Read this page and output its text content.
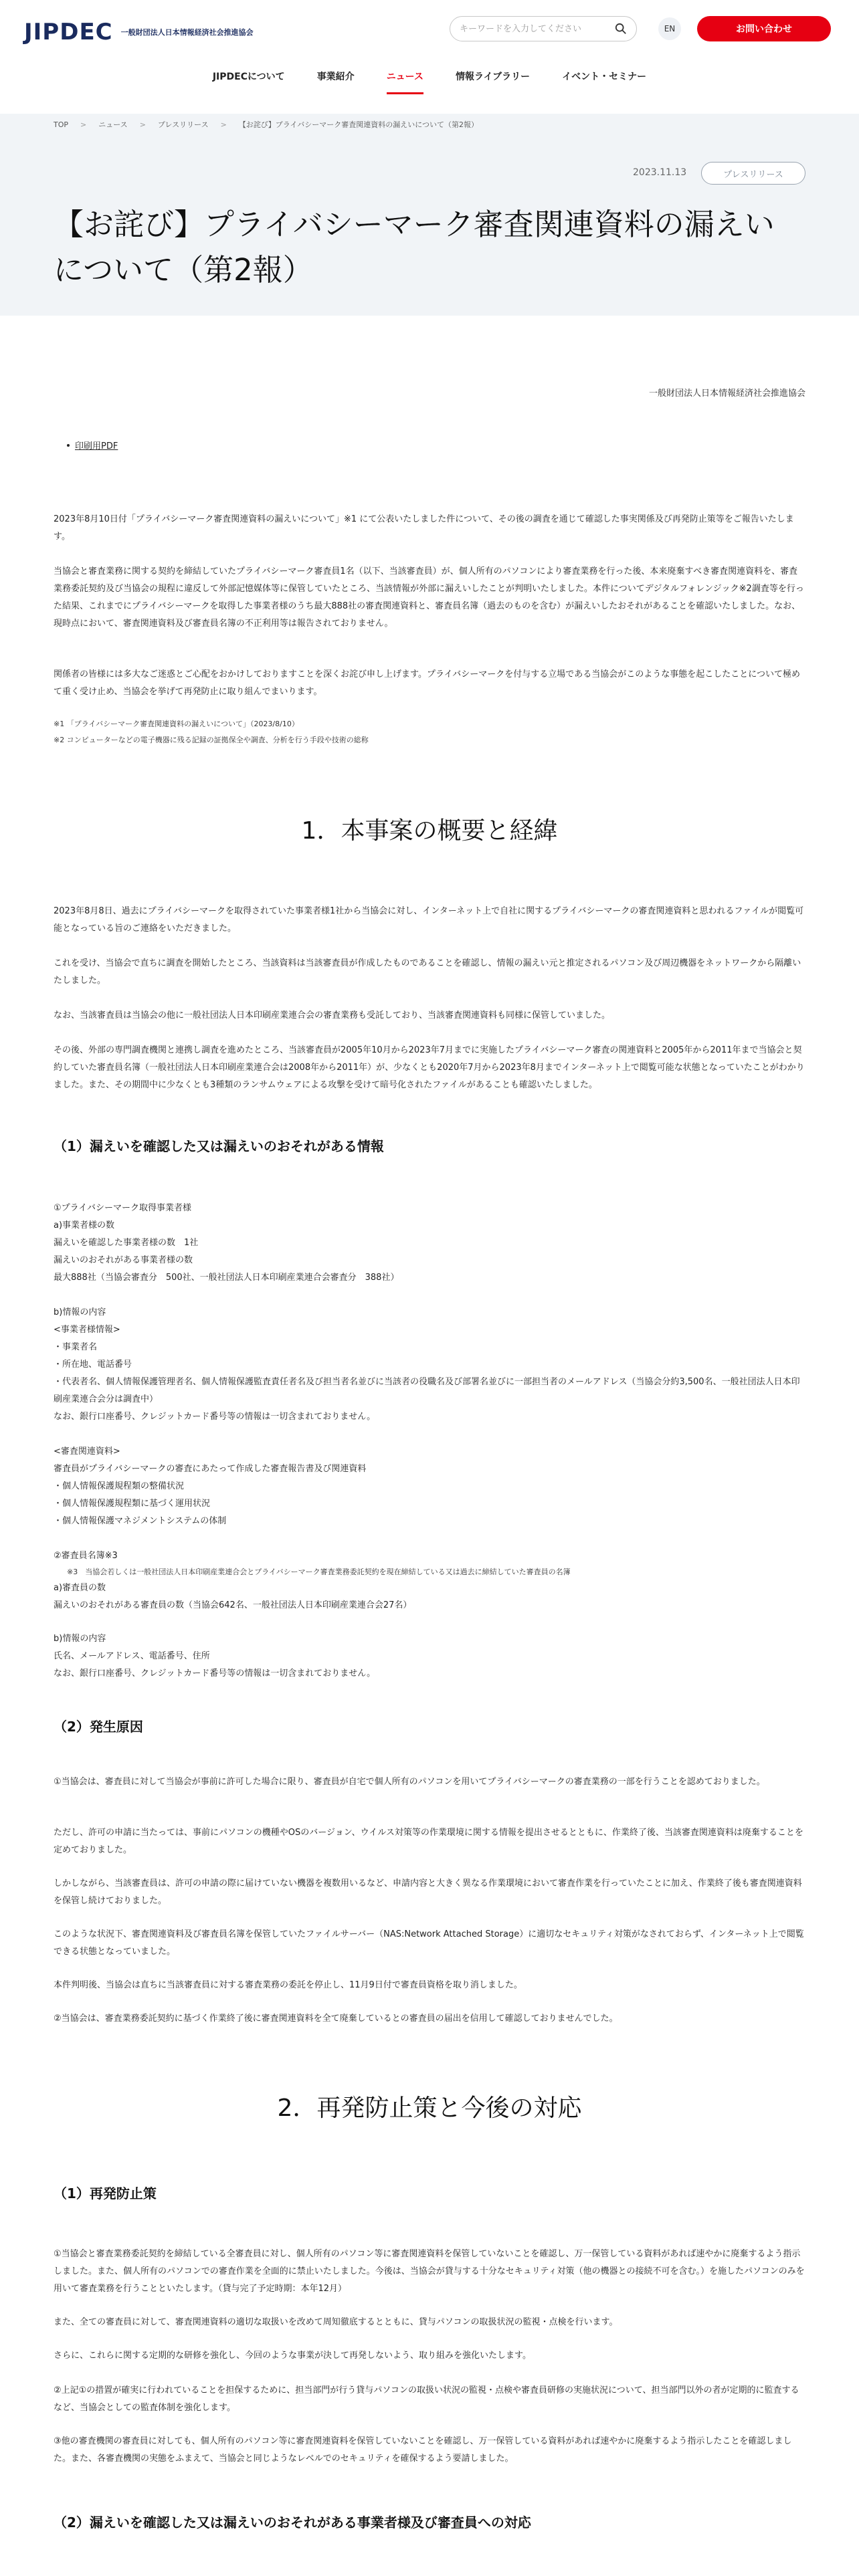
JIPDEC 一般財団法人日本情報経済社会推進協会
キーワードを入力してください	EN	お問い合わせ
JIPDECについて	事業紹介	ニュース	情報ライブラリー	イベント・セミナー
TOP > ニュース > プレスリリース > 【お詫び】プライバシーマーク審査関連資料の漏えいについて（第2報）
2023.11.13	プレスリリース
【お詫び】プライバシーマーク審査関連資料の漏えいについて（第2報）
一般財団法人日本情報経済社会推進協会
印刷用PDF

2023年8月10日付「プライバシーマーク審査関連資料の漏えいについて」※1 にて公表いたしました件について、その後の調査を通じて確認した事実関係及び再発防止策等をご報告いたします。

当協会と審査業務に関する契約を締結していたプライバシーマーク審査員1名（以下、当該審査員）が、個人所有のパソコンにより審査業務を行った後、本来廃棄すべき審査関連資料を、審査業務委託契約及び当協会の規程に違反して外部記憶媒体等に保管していたところ、当該情報が外部に漏えいしたことが判明いたしました。本件についてデジタルフォレンジック※2調査等を行った結果、これまでにプライバシーマークを取得した事業者様のうち最大888社の審査関連資料と、審査員名簿（過去のものを含む）が漏えいしたおそれがあることを確認いたしました。なお、現時点において、審査関連資料及び審査員名簿の不正利用等は報告されておりません。

関係者の皆様には多大なご迷惑とご心配をおかけしておりますことを深くお詫び申し上げます。プライバシーマークを付与する立場である当協会がこのような事態を起こしたことについて極めて重く受け止め、当協会を挙げて再発防止に取り組んでまいります。

※1 「プライバシーマーク審査関連資料の漏えいについて」（2023/8/10）

※2 コンピューターなどの電子機器に残る記録の証拠保全や調査、分析を行う手段や技術の総称

1．本事案の概要と経緯

2023年8月8日、過去にプライバシーマークを取得されていた事業者様1社から当協会に対し、インターネット上で自社に関するプライバシーマークの審査関連資料と思われるファイルが閲覧可能となっている旨のご連絡をいただきました。

これを受け、当協会で直ちに調査を開始したところ、当該資料は当該審査員が作成したものであることを確認し、情報の漏えい元と推定されるパソコン及び周辺機器をネットワークから隔離いたしました。

なお、当該審査員は当協会の他に一般社団法人日本印刷産業連合会の審査業務も受託しており、当該審査関連資料も同様に保管していました。

その後、外部の専門調査機関と連携し調査を進めたところ、当該審査員が2005年10月から2023年7月までに実施したプライバシーマーク審査の関連資料と2005年から2011年まで当協会と契約していた審査員名簿（一般社団法人日本印刷産業連合会は2008年から2011年）が、少なくとも2020年7月から2023年8月までインターネット上で閲覧可能な状態となっていたことがわかりました。また、その期間中に少なくとも3種類のランサムウェアによる攻撃を受けて暗号化されたファイルがあることも確認いたしました。

（1）漏えいを確認した又は漏えいのおそれがある情報

①プライバシーマーク取得事業者様

a)事業者様の数

漏えいを確認した事業者様の数　1社

漏えいのおそれがある事業者様の数

最大888社（当協会審査分　500社、一般社団法人日本印刷産業連合会審査分　388社）

b)情報の内容

<事業者様情報>

・事業者名

・所在地、電話番号

・代表者名、個人情報保護管理者名、個人情報保護監査責任者名及び担当者名並びに当該者の役職名及び部署名並びに一部担当者のメールアドレス（当協会分約3,500名、一般社団法人日本印刷産業連合会分は調査中）

なお、銀行口座番号、クレジットカード番号等の情報は一切含まれておりません。

<審査関連資料>

審査員がプライバシーマークの審査にあたって作成した審査報告書及び関連資料

・個人情報保護規程類の整備状況

・個人情報保護規程類に基づく運用状況

・個人情報保護マネジメントシステムの体制

②審査員名簿※3

※3　当協会若しくは一般社団法人日本印刷産業連合会とプライバシーマーク審査業務委託契約を現在締結している又は過去に締結していた審査員の名簿

a)審査員の数

漏えいのおそれがある審査員の数（当協会642名、一般社団法人日本印刷産業連合会27名）

b)情報の内容

氏名、メールアドレス、電話番号、住所

なお、銀行口座番号、クレジットカード番号等の情報は一切含まれておりません。

（2）発生原因

①当協会は、審査員に対して当協会が事前に許可した場合に限り、審査員が自宅で個人所有のパソコンを用いてプライバシーマークの審査業務の一部を行うことを認めておりました。

ただし、許可の申請に当たっては、事前にパソコンの機種やOSのバージョン、ウイルス対策等の作業環境に関する情報を提出させるとともに、作業終了後、当該審査関連資料は廃棄することを定めておりました。

しかしながら、当該審査員は、許可の申請の際に届けていない機器を複数用いるなど、申請内容と大きく異なる作業環境において審査作業を行っていたことに加え、作業終了後も審査関連資料を保管し続けておりました。

このような状況下、審査関連資料及び審査員名簿を保管していたファイルサーバー（NAS:Network Attached Storage）に適切なセキュリティ対策がなされておらず、インターネット上で閲覧できる状態となっていました。

本件判明後、当協会は直ちに当該審査員に対する審査業務の委託を停止し、11月9日付で審査員資格を取り消しました。

②当協会は、審査業務委託契約に基づく作業終了後に審査関連資料を全て廃棄しているとの審査員の届出を信用して確認しておりませんでした。

2．再発防止策と今後の対応
（1）再発防止策

①当協会と審査業務委託契約を締結している全審査員に対し、個人所有のパソコン等に審査関連資料を保管していないことを確認し、万一保管している資料があれば速やかに廃棄するよう指示しました。また、個人所有のパソコンでの審査作業を全面的に禁止いたしました。今後は、当協会が貸与する十分なセキュリティ対策（他の機器との接続不可を含む。）を施したパソコンのみを用いて審査業務を行うことといたします。（貸与完了予定時期：本年12月）

また、全ての審査員に対して、審査関連資料の適切な取扱いを改めて周知徹底するとともに、貸与パソコンの取扱状況の監視・点検を行います。

さらに、これらに関する定期的な研修を強化し、今回のような事業が決して再発しないよう、取り組みを強化いたします。

②上記①の措置が確実に行われていることを担保するために、担当部門が行う貸与パソコンの取扱い状況の監視・点検や審査員研修の実施状況について、担当部門以外の者が定期的に監査するなど、当協会としての監査体制を強化します。

③他の審査機関の審査員に対しても、個人所有のパソコン等に審査関連資料を保管していないことを確認し、万一保管している資料があれば速やかに廃棄するよう指示したことを確認しました。また、各審査機関の実態をふまえて、当協会と同じようなレベルでのセキュリティを確保するよう要請しました。

（2）漏えいを確認した又は漏えいのおそれがある事業者様及び審査員への対応
